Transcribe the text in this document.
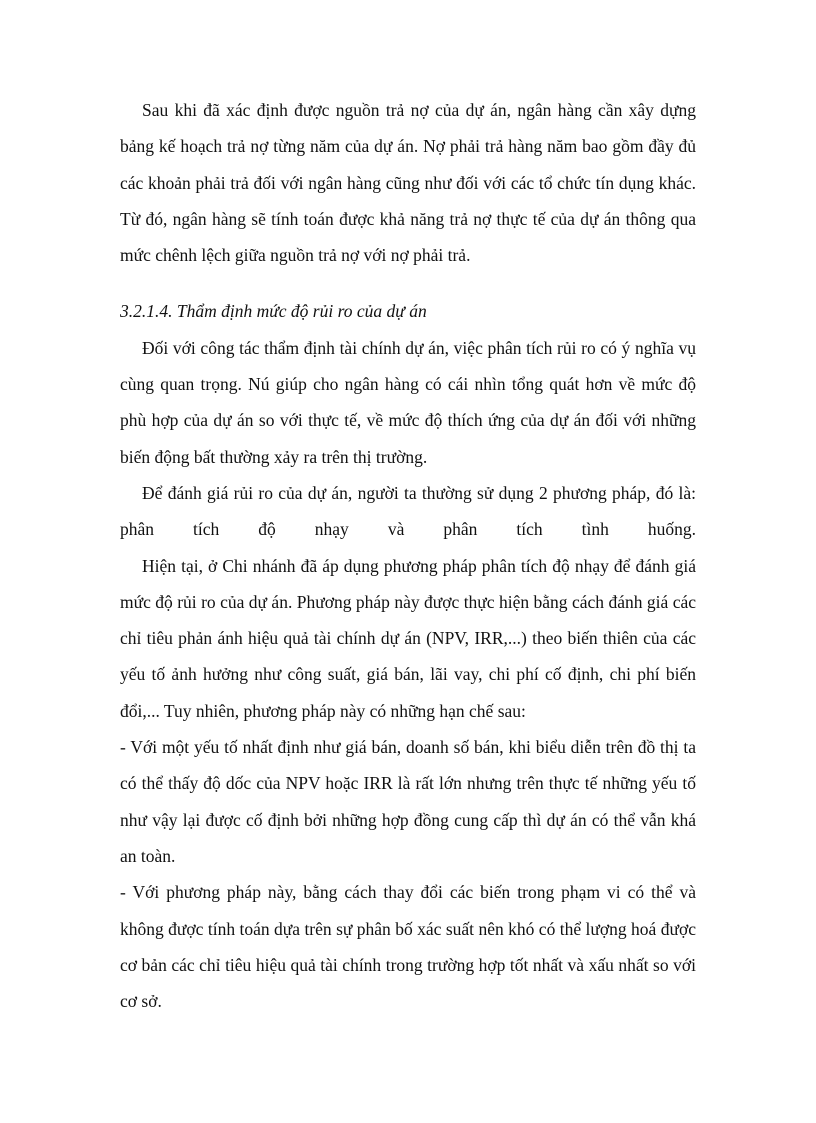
Sau khi đã xác định được nguồn trả nợ của dự án, ngân hàng cần xây dựng bảng kế hoạch trả nợ từng năm của dự án. Nợ phải trả hàng năm bao gồm đầy đủ các khoản phải trả đối với ngân hàng cũng như đối với các tổ chức tín dụng khác. Từ đó, ngân hàng sẽ tính toán được khả năng trả nợ thực tế của dự án thông qua mức chênh lệch giữa nguồn trả nợ với nợ phải trả.

3.2.1.4. Thẩm định mức độ rủi ro của dự án

Đối với công tác thẩm định tài chính dự án, việc phân tích rủi ro có ý nghĩa vụ cùng quan trọng. Nú giúp cho ngân hàng có cái nhìn tổng quát hơn về mức độ phù hợp của dự án so với thực tế, về mức độ thích ứng của dự án đối với những biến động bất thường xảy ra trên thị trường.

Để đánh giá rủi ro của dự án, người ta thường sử dụng 2 phương pháp, đó là: phân tích độ nhạy và phân tích tình huống.

Hiện tại, ở Chi nhánh đã áp dụng phương pháp phân tích độ nhạy để đánh giá mức độ rủi ro của dự án. Phương pháp này được thực hiện bằng cách đánh giá các chỉ tiêu phản ánh hiệu quả tài chính dự án (NPV, IRR,...) theo biến thiên của các yếu tố ảnh hưởng như công suất, giá bán, lãi vay, chi phí cố định, chi phí biến đổi,... Tuy nhiên, phương pháp này có những hạn chế sau:

- Với một yếu tố nhất định như giá bán, doanh số bán, khi biểu diễn trên đồ thị ta có thể thấy độ dốc của NPV hoặc IRR là rất lớn nhưng trên thực tế những yếu tố như vậy lại được cố định bởi những hợp đồng cung cấp thì dự án có thể vẫn khá an toàn.

- Với phương pháp này, bằng cách thay đổi các biến trong phạm vi có thể và không được tính toán dựa trên sự phân bố xác suất nên khó có thể lượng hoá được cơ bản các chỉ tiêu hiệu quả tài chính trong trường hợp tốt nhất và xấu nhất so với cơ sở.
